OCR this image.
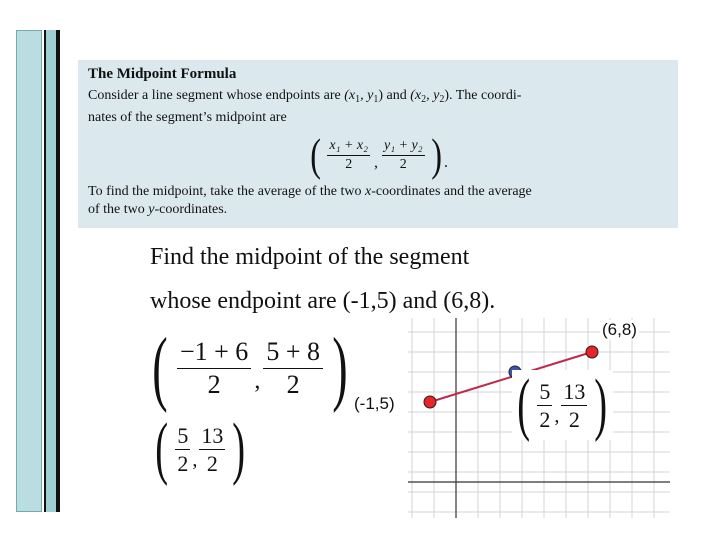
The Midpoint Formula

Consider a line segment whose endpoints are ($x_1$, $y_1$) and ($x_2$, $y_2$). The coordi-

nates of the segment’s midpoint are

( $\frac{\text{x₁ + x₂}}{2}$ , $\frac{\text{y₁ + y₂}}{2}$ ) .

To find the midpoint, take the average of the two x-coordinates and the average

of the two y-coordinates.

Find the midpoint of the segment
whose endpoint are (-1,5) and (6,8).
( $\frac{-1 + 6}{2}$ , $\frac{5 + 8}{2}$ )
( $\frac{5}{2}$ , $\frac{13}{2}$ )
(-1,5)
(6,8)
( $\frac{5}{2}$ , $\frac{13}{2}$ )
